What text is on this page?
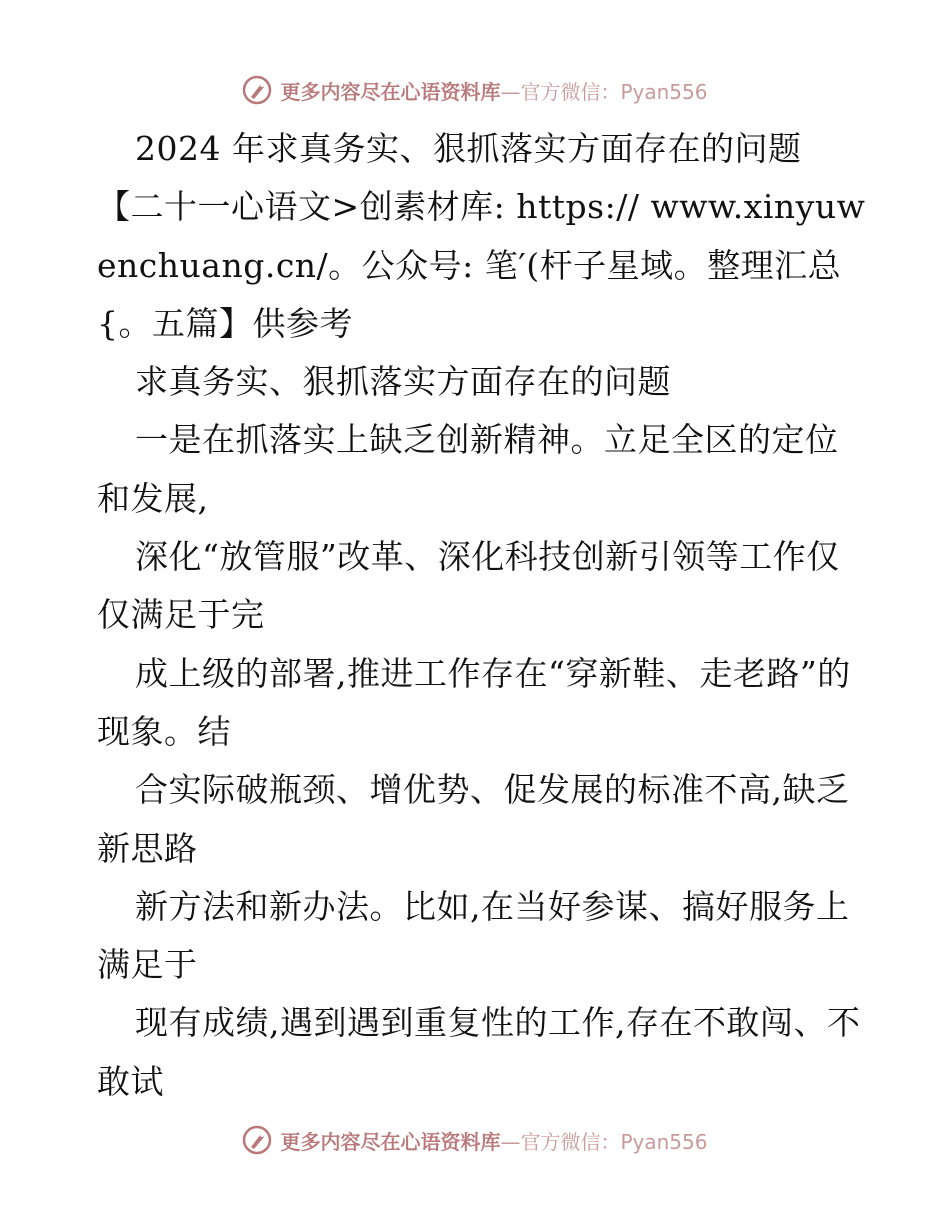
更多内容尽在心语资料库—官方微信：Pyan556

2024 年求真务实、狠抓落实方面存在的问题【二十一心语文>创素材库: https:// www.xinyuwenchuang.cn/。公众号: 笔′(杆子星域。整理汇总{。五篇】供参考

求真务实、狠抓落实方面存在的问题

一是在抓落实上缺乏创新精神。立足全区的定位和发展,

深化“放管服”改革、深化科技创新引领等工作仅仅满足于完

成上级的部署,推进工作存在“穿新鞋、走老路”的现象。结

合实际破瓶颈、增优势、促发展的标准不高,缺乏新思路

新方法和新办法。比如,在当好参谋、搞好服务上满足于

现有成绩,遇到遇到重复性的工作,存在不敢闯、不敢试

更多内容尽在心语资料库—官方微信：Pyan556
